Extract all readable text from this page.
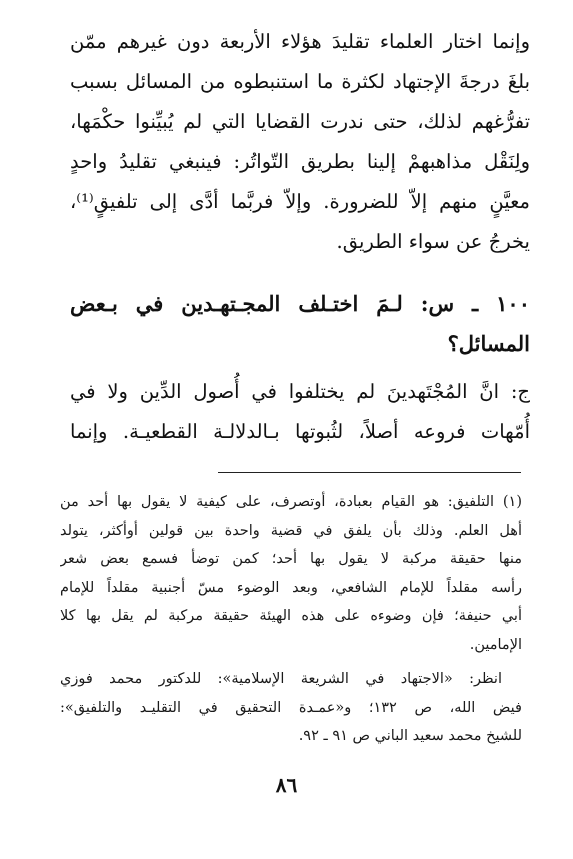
وإنما اختار العلماء تقليدَ هؤلاء الأربعة دون غيرهم ممّن
بلغَ درجةَ الإجتهاد لكثرة ما استنبطوه من المسائل بسبب
تفرُّغهم لذلك، حتى ندرت القضايا التي لم يُبيِّنوا حكْمَها،
ولِنَقْل مذاهبهمْ إلينا بطريق التّواتُر: فينبغي تقليدُ واحدٍ
معيَّنٍ منهم إلاّ للضرورة. وإلاّ فربَّما أدَّى إلى تلفيقٍ⁽¹⁾،
يخرجُ عن سواء الطريق.
١٠٠ ـ س: لـمَ اختـلف المجـتهـدين في بـعض
المسائل؟
ج: انَّ المُجْتَهدينَ لم يختلفوا في أُصول الدِّين ولا في
أُمّهات فروعه أصلاً، لثُبوتها بـالدلالـة القطعيـة. وإنما
(١) التلفيق: هو القيام بعبادة، أوتصرف، على كيفية لا يقول بها أحد من
أهل العلم. وذلك بأن يلفق في قضية واحدة بين قولين أوأكثر، يتولد
منها حقيقة مركبة لا يقول بها أحد؛ كمن توضأ فسمع بعض شعر
رأسه مقلداً للإمام الشافعي، وبعد الوضوء مسّ أجنبية مقلداً للإمام
أبي حنيفة؛ فإن وضوءه على هذه الهيئة حقيقة مركبة لم يقل بها كلا
الإمامين.
انظر: «الاجتهاد في الشريعة الإسلامية»: للدكتور محمد فوزي
فيض الله، ص ١٣٢؛ و«عمـدة التحقيق في التقليـد والتلفيق»:
للشيخ محمد سعيد الباني ص ٩١ ـ ٩٢.
٨٦
